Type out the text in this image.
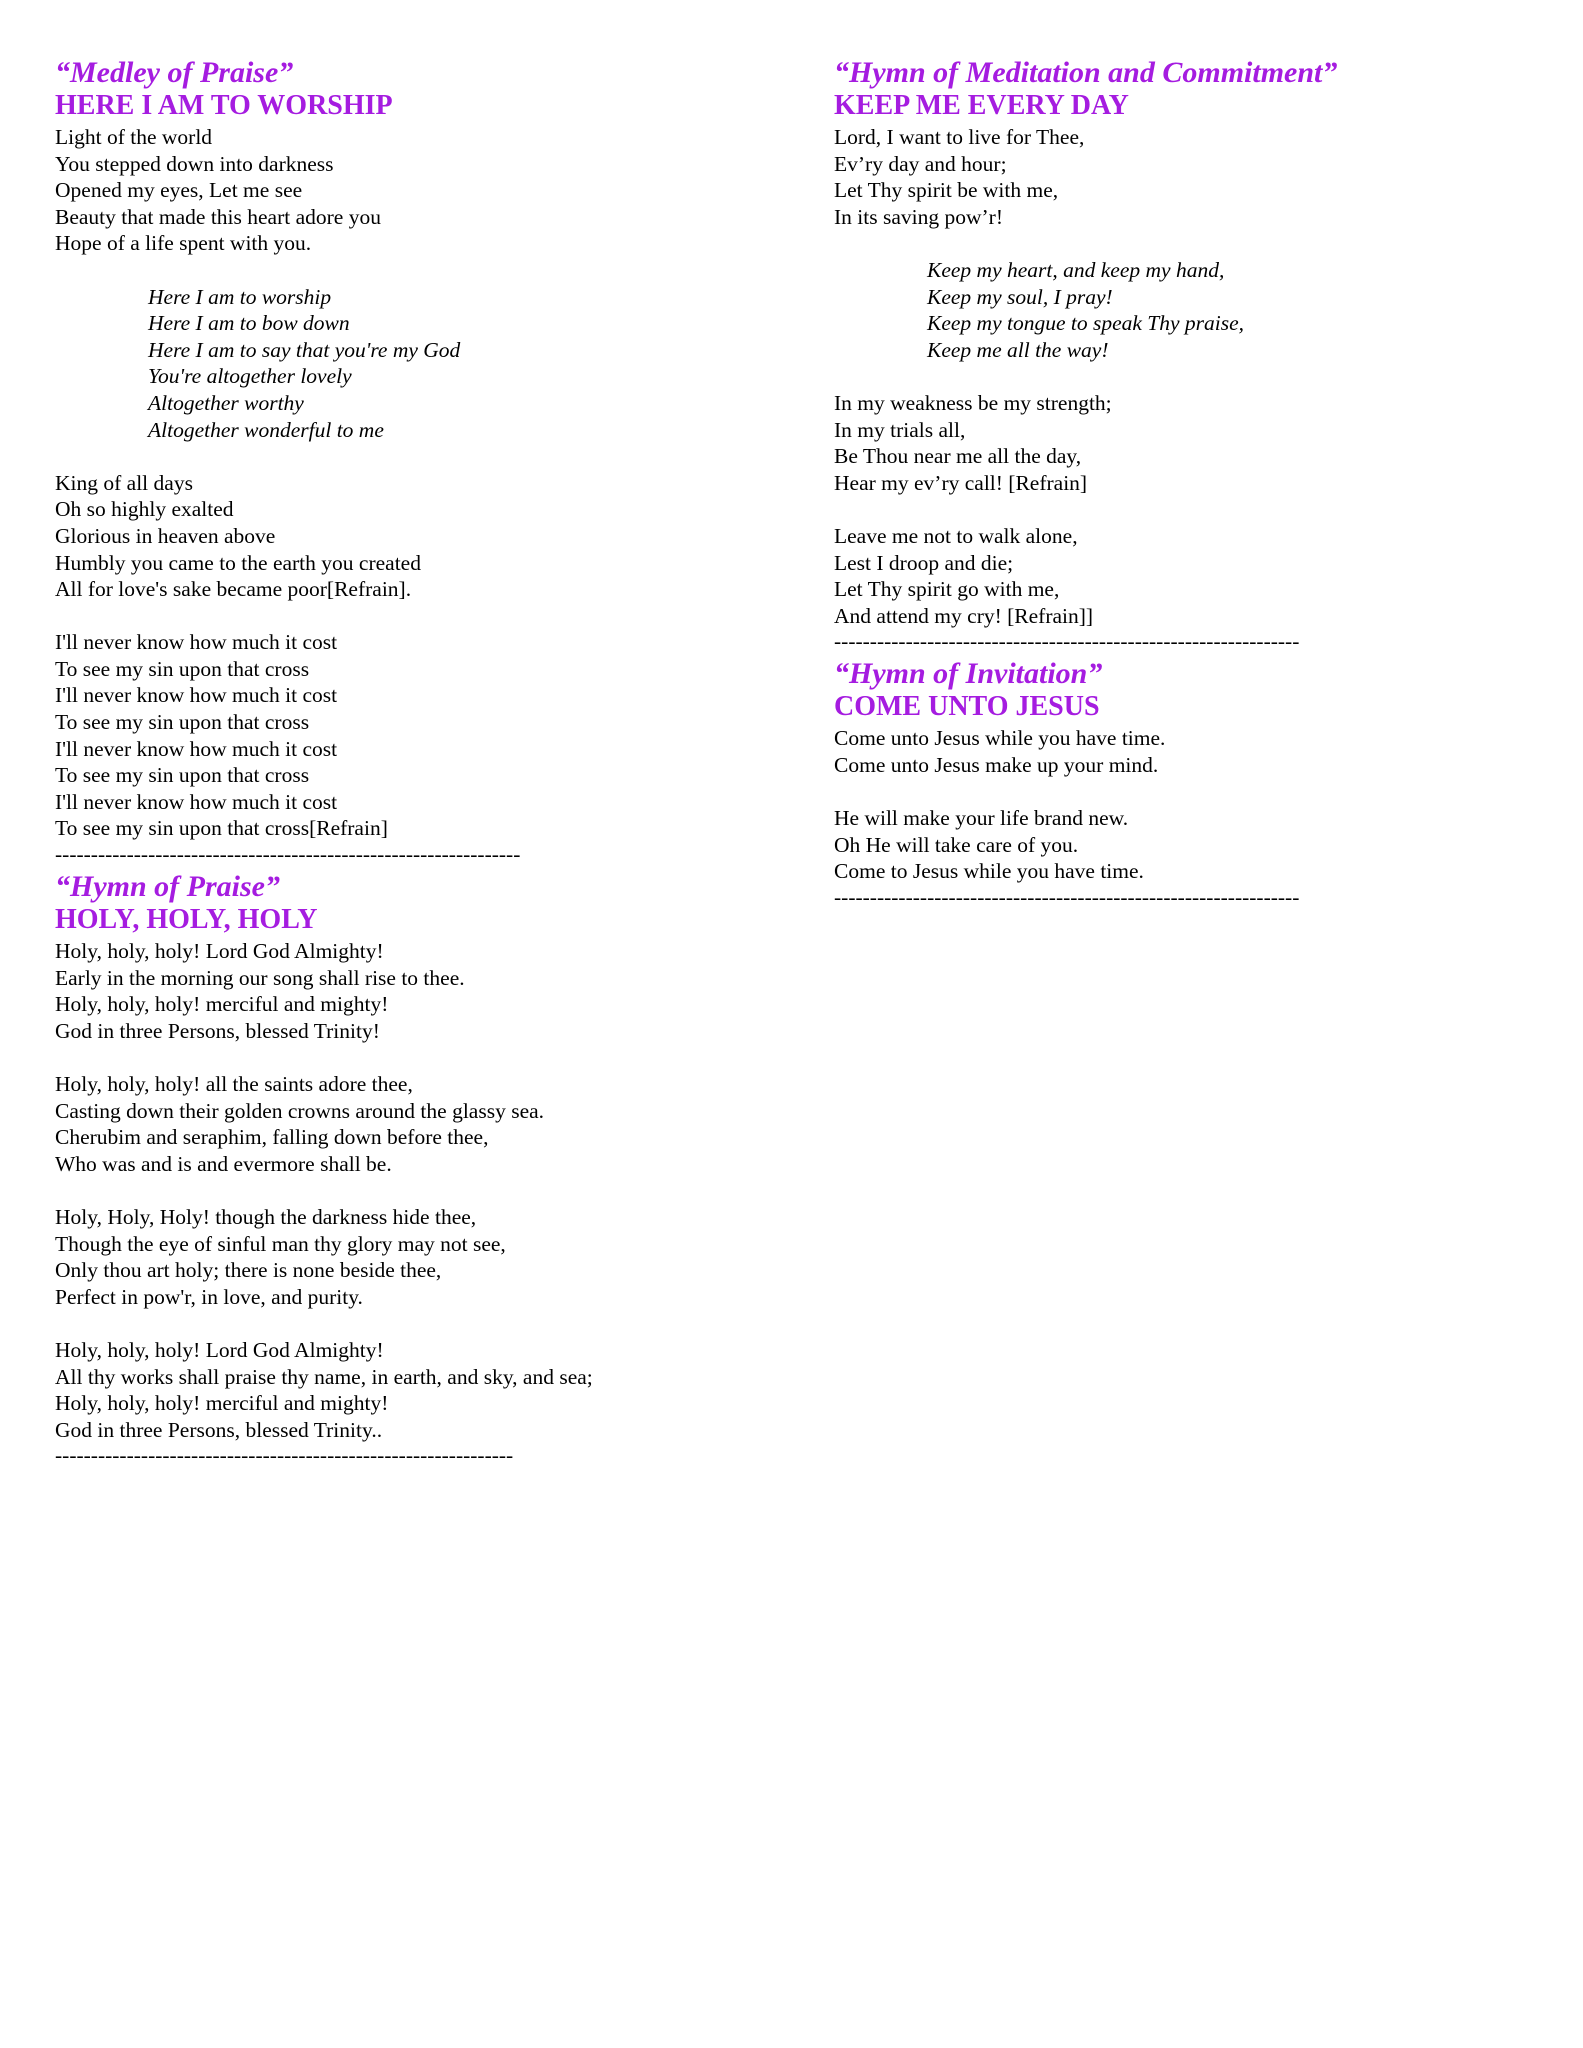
“Medley of Praise”
HERE I AM TO WORSHIP
Light of the world
You stepped down into darkness
Opened my eyes, Let me see
Beauty that made this heart adore you
Hope of a life spent with you.
Here I am to worship
Here I am to bow down
Here I am to say that you're my God
You're altogether lovely
Altogether worthy
Altogether wonderful to me
King of all days
Oh so highly exalted
Glorious in heaven above
Humbly you came to the earth you created
All for love's sake became poor[Refrain].
I'll never know how much it cost
To see my sin upon that cross
I'll never know how much it cost
To see my sin upon that cross
I'll never know how much it cost
To see my sin upon that cross
I'll never know how much it cost
To see my sin upon that cross[Refrain]
-----------------------------------------------------------------
“Hymn of Praise”
HOLY, HOLY, HOLY
Holy, holy, holy! Lord God Almighty!
Early in the morning our song shall rise to thee.
Holy, holy, holy! merciful and mighty!
God in three Persons, blessed Trinity!
Holy, holy, holy! all the saints adore thee,
Casting down their golden crowns around the glassy sea.
Cherubim and seraphim, falling down before thee,
Who was and is and evermore shall be.
Holy, Holy, Holy! though the darkness hide thee,
Though the eye of sinful man thy glory may not see,
Only thou art holy; there is none beside thee,
Perfect in pow'r, in love, and purity.
Holy, holy, holy! Lord God Almighty!
All thy works shall praise thy name, in earth, and sky, and sea;
Holy, holy, holy! merciful and mighty!
God in three Persons, blessed Trinity..
----------------------------------------------------------------
“Hymn of Meditation and Commitment”
KEEP ME EVERY DAY
Lord, I want to live for Thee,
Ev’ry day and hour;
Let Thy spirit be with me,
In its saving pow’r!
Keep my heart, and keep my hand,
Keep my soul, I pray!
Keep my tongue to speak Thy praise,
Keep me all the way!
In my weakness be my strength;
In my trials all,
Be Thou near me all the day,
Hear my ev’ry call! [Refrain]
Leave me not to walk alone,
Lest I droop and die;
Let Thy spirit go with me,
And attend my cry! [Refrain]]
-----------------------------------------------------------------
“Hymn of Invitation”
COME UNTO JESUS
Come unto Jesus while you have time.
Come unto Jesus make up your mind.
He will make your life brand new.
Oh He will take care of you.
Come to Jesus while you have time.
-----------------------------------------------------------------
